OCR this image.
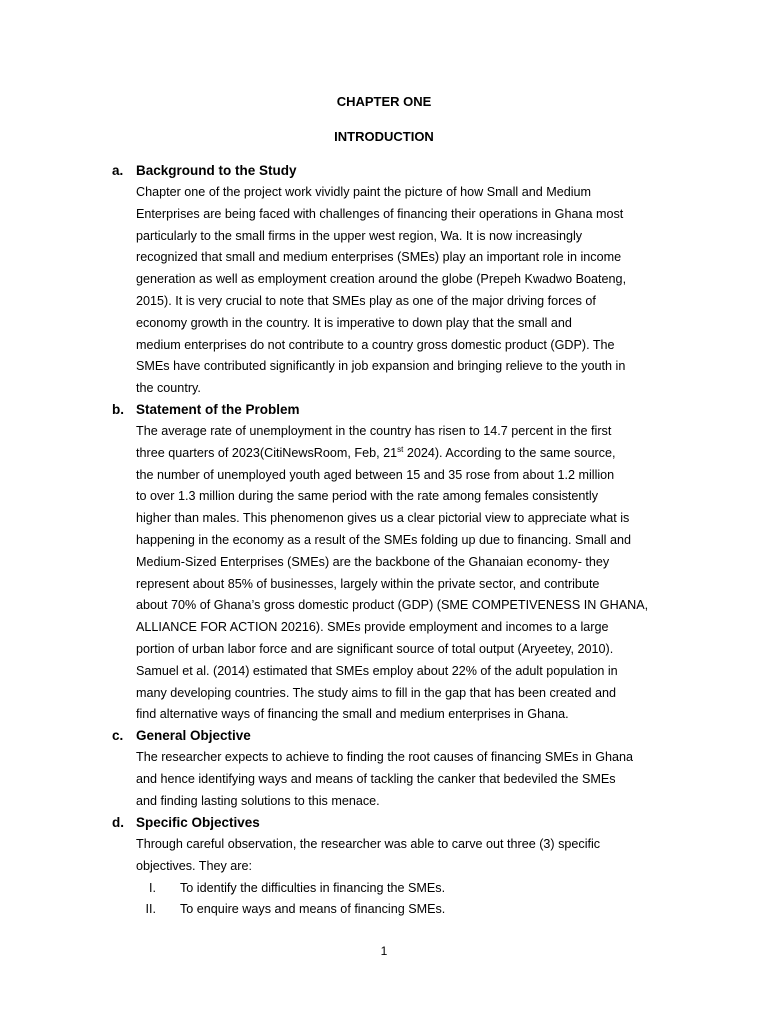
CHAPTER ONE
INTRODUCTION
a. Background to the Study
Chapter one of the project work vividly paint the picture of how Small and Medium
Enterprises are being faced with challenges of financing their operations in Ghana most
particularly to the small firms in the upper west region, Wa. It is now increasingly
recognized that small and medium enterprises (SMEs) play an important role in income
generation as well as employment creation around the globe (Prepeh Kwadwo Boateng,
2015). It is very crucial to note that SMEs play as one of the major driving forces of
economy growth in the country. It is imperative to down play that the small and
medium enterprises do not contribute to a country gross domestic product (GDP). The
SMEs have contributed significantly in job expansion and bringing relieve to the youth in
the country.
b. Statement of the Problem
The average rate of unemployment in the country has risen to 14.7 percent in the first
three quarters of 2023(CitiNewsRoom, Feb, 21st 2024). According to the same source,
the number of unemployed youth aged between 15 and 35 rose from about 1.2 million
to over 1.3 million during the same period with the rate among females consistently
higher than males. This phenomenon gives us a clear pictorial view to appreciate what is
happening in the economy as a result of the SMEs folding up due to financing. Small and
Medium-Sized Enterprises (SMEs) are the backbone of the Ghanaian economy- they
represent about 85% of businesses, largely within the private sector, and contribute
about 70% of Ghana’s gross domestic product (GDP) (SME COMPETIVENESS IN GHANA,
ALLIANCE FOR ACTION 20216). SMEs provide employment and incomes to a large
portion of urban labor force and are significant source of total output (Aryeetey, 2010).
Samuel et al. (2014) estimated that SMEs employ about 22% of the adult population in
many developing countries. The study aims to fill in the gap that has been created and
find alternative ways of financing the small and medium enterprises in Ghana.
c. General Objective
The researcher expects to achieve to finding the root causes of financing SMEs in Ghana
and hence identifying ways and means of tackling the canker that bedeviled the SMEs
and finding lasting solutions to this menace.
d. Specific Objectives
Through careful observation, the researcher was able to carve out three (3) specific
objectives. They are:
I.	To identify the difficulties in financing the SMEs.
II.	To enquire ways and means of financing SMEs.
1
